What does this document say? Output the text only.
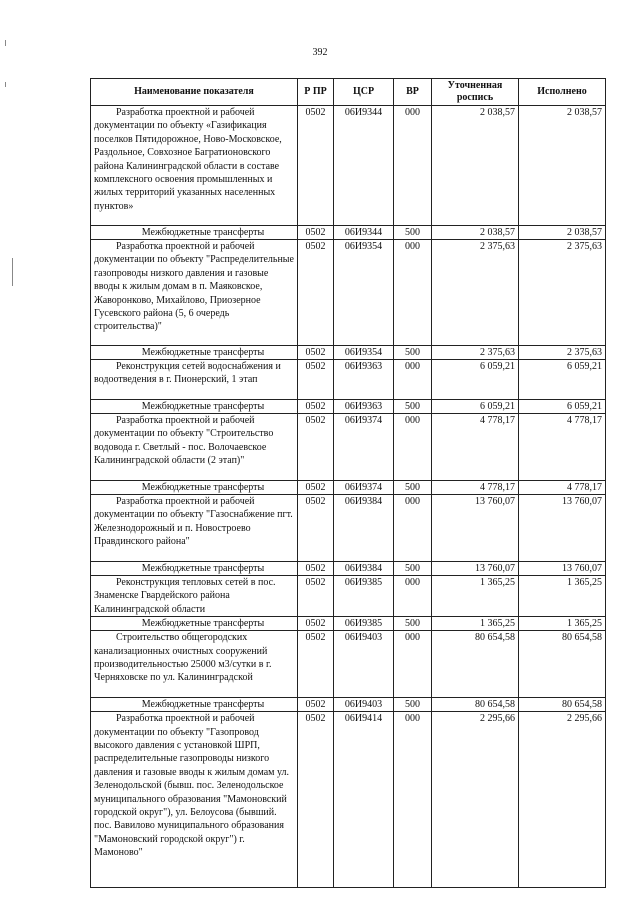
392
Наименование показателя	Р ПР	ЦСР	ВР	Уточненная роспись	Исполнено
Разработка проектной и рабочей документации по объекту «Газификация поселков Пятидорожное, Ново-Московское, Раздольное, Совхозное Багратионовского района Калининградской области в составе комплексного освоения промышленных и жилых территорий указанных населенных пунктов»	0502	06И9344	000	2 038,57	2 038,57
Межбюджетные трансферты	0502	06И9344	500	2 038,57	2 038,57
Разработка проектной и рабочей документации по объекту "Распределительные газопроводы низкого давления и газовые вводы к жилым домам в п. Маяковское, Жаворонково, Михайлово, Приозерное Гусевского района (5, 6 очередь строительства)"	0502	06И9354	000	2 375,63	2 375,63
Межбюджетные трансферты	0502	06И9354	500	2 375,63	2 375,63
Реконструкция сетей водоснабжения и водоотведения в г. Пионерский, 1 этап	0502	06И9363	000	6 059,21	6 059,21
Межбюджетные трансферты	0502	06И9363	500	6 059,21	6 059,21
Разработка проектной и рабочей документации по объекту "Строительство водовода г. Светлый - пос. Волочаевское Калининградской области (2 этап)"	0502	06И9374	000	4 778,17	4 778,17
Межбюджетные трансферты	0502	06И9374	500	4 778,17	4 778,17
Разработка проектной и рабочей документации по объекту "Газоснабжение пгт. Железнодорожный и п. Новостроево Правдинского района"	0502	06И9384	000	13 760,07	13 760,07
Межбюджетные трансферты	0502	06И9384	500	13 760,07	13 760,07
Реконструкция тепловых сетей в пос. Знаменске Гвардейского района Калининградской области	0502	06И9385	000	1 365,25	1 365,25
Межбюджетные трансферты	0502	06И9385	500	1 365,25	1 365,25
Строительство общегородских канализационных очистных сооружений производительностью 25000 м3/сутки в г. Черняховске по ул. Калининградской	0502	06И9403	000	80 654,58	80 654,58
Межбюджетные трансферты	0502	06И9403	500	80 654,58	80 654,58
Разработка проектной и рабочей документации по объекту "Газопровод высокого давления с установкой ШРП, распределительные газопроводы низкого давления и газовые вводы к жилым домам ул. Зеленодольской (бывш. пос. Зеленодольское муниципального образования "Мамоновский городской округ"), ул. Белоусова (бывший. пос. Вавилово муниципального образования "Мамоновский городской округ") г. Мамоново"	0502	06И9414	000	2 295,66	2 295,66
